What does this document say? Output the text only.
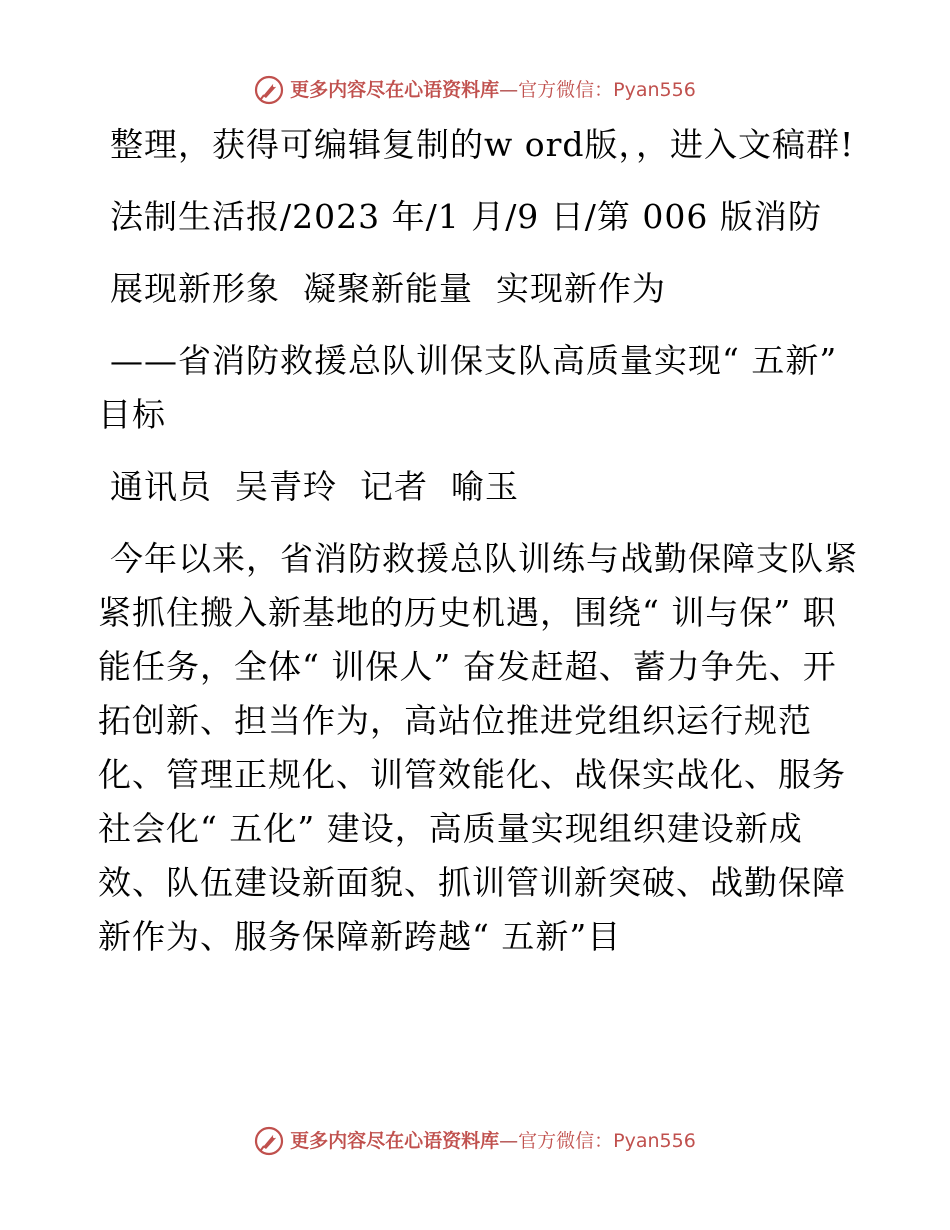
更多内容尽在心语资料库 — 官方微信：Pyan556

整理，获得可编辑复制的w ord版，，进入文稿群!

法制生活报/2023 年/1 月/9 日/第 006 版消防

展现新形象  凝聚新能量  实现新作为

——省消防救援总队训保支队高质量实现“ 五新” 目标

通讯员  吴青玲  记者  喻玉

今年以来，省消防救援总队训练与战勤保障支队紧紧抓住搬入新基地的历史机遇，围绕“ 训与保” 职能任务，全体“ 训保人” 奋发赶超、蓄力争先、开拓创新、担当作为，高站位推进党组织运行规范化、管理正规化、训管效能化、战保实战化、服务社会化“ 五化” 建设，高质量实现组织建设新成效、队伍建设新面貌、抓训管训新突破、战勤保障新作为、服务保障新跨越“ 五新”目

更多内容尽在心语资料库 — 官方微信：Pyan556
